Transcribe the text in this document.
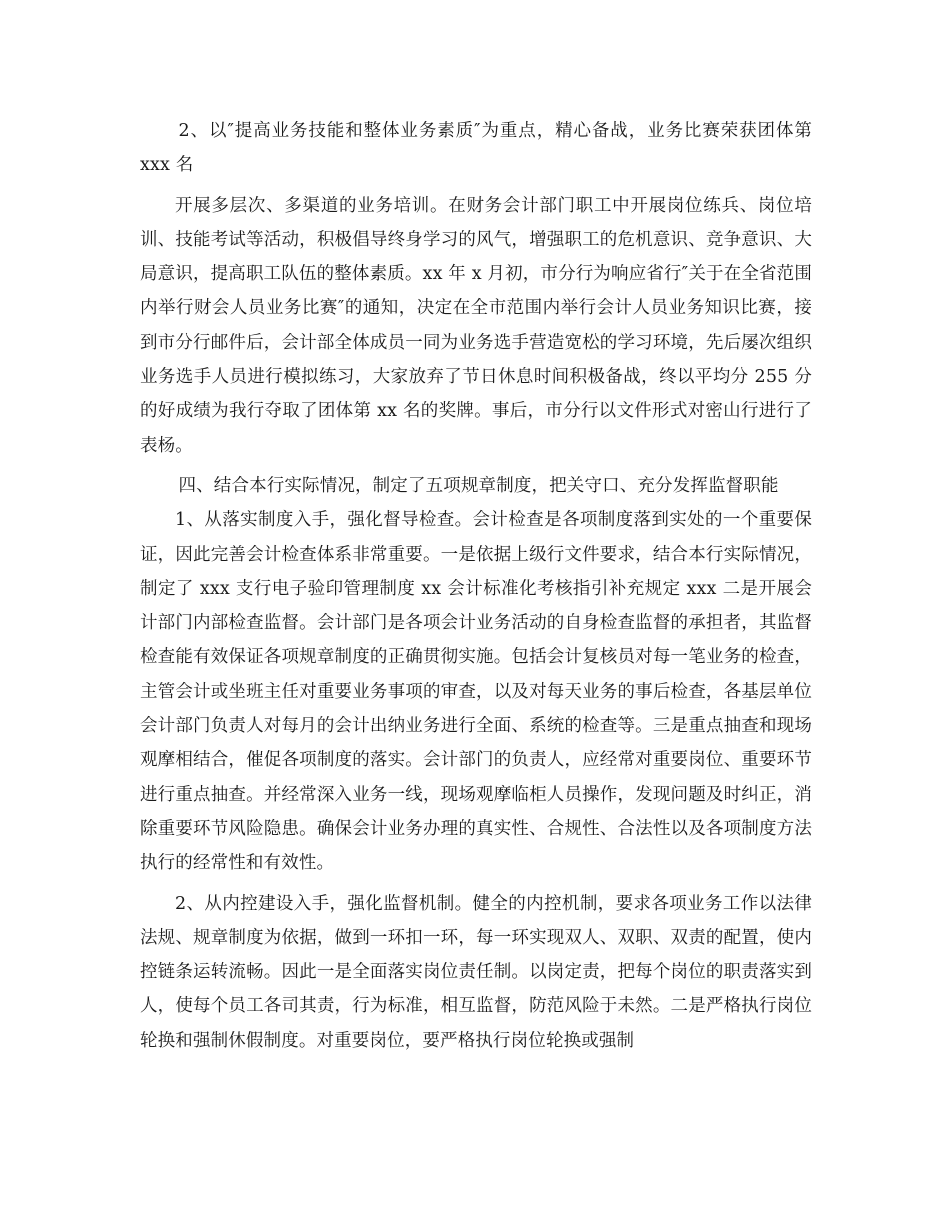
2、以″提高业务技能和整体业务素质″为重点，精心备战，业务比赛荣获团体第 xxx 名

开展多层次、多渠道的业务培训。在财务会计部门职工中开展岗位练兵、岗位培训、技能考试等活动，积极倡导终身学习的风气，增强职工的危机意识、竞争意识、大局意识，提高职工队伍的整体素质。xx 年 x 月初，市分行为响应省行″关于在全省范围内举行财会人员业务比赛″的通知，决定在全市范围内举行会计人员业务知识比赛，接到市分行邮件后，会计部全体成员一同为业务选手营造宽松的学习环境，先后屡次组织业务选手人员进行模拟练习，大家放弃了节日休息时间积极备战，终以平均分 255 分的好成绩为我行夺取了团体第 xx 名的奖牌。事后，市分行以文件形式对密山行进行了表杨。

四、结合本行实际情况，制定了五项规章制度，把关守口、充分发挥监督职能

1、从落实制度入手，强化督导检查。会计检查是各项制度落到实处的一个重要保证，因此完善会计检查体系非常重要。一是依据上级行文件要求，结合本行实际情况，制定了 xxx 支行电子验印管理制度 xx 会计标准化考核指引补充规定 xxx 二是开展会计部门内部检查监督。会计部门是各项会计业务活动的自身检查监督的承担者，其监督检查能有效保证各项规章制度的正确贯彻实施。包括会计复核员对每一笔业务的检查，主管会计或坐班主任对重要业务事项的审查，以及对每天业务的事后检查，各基层单位会计部门负责人对每月的会计出纳业务进行全面、系统的检查等。三是重点抽查和现场观摩相结合，催促各项制度的落实。会计部门的负责人，应经常对重要岗位、重要环节进行重点抽查。并经常深入业务一线，现场观摩临柜人员操作，发现问题及时纠正，消除重要环节风险隐患。确保会计业务办理的真实性、合规性、合法性以及各项制度方法执行的经常性和有效性。

2、从内控建设入手，强化监督机制。健全的内控机制，要求各项业务工作以法律法规、规章制度为依据，做到一环扣一环，每一环实现双人、双职、双责的配置，使内控链条运转流畅。因此一是全面落实岗位责任制。以岗定责，把每个岗位的职责落实到人，使每个员工各司其责，行为标准，相互监督，防范风险于未然。二是严格执行岗位轮换和强制休假制度。对重要岗位，要严格执行岗位轮换或强制
